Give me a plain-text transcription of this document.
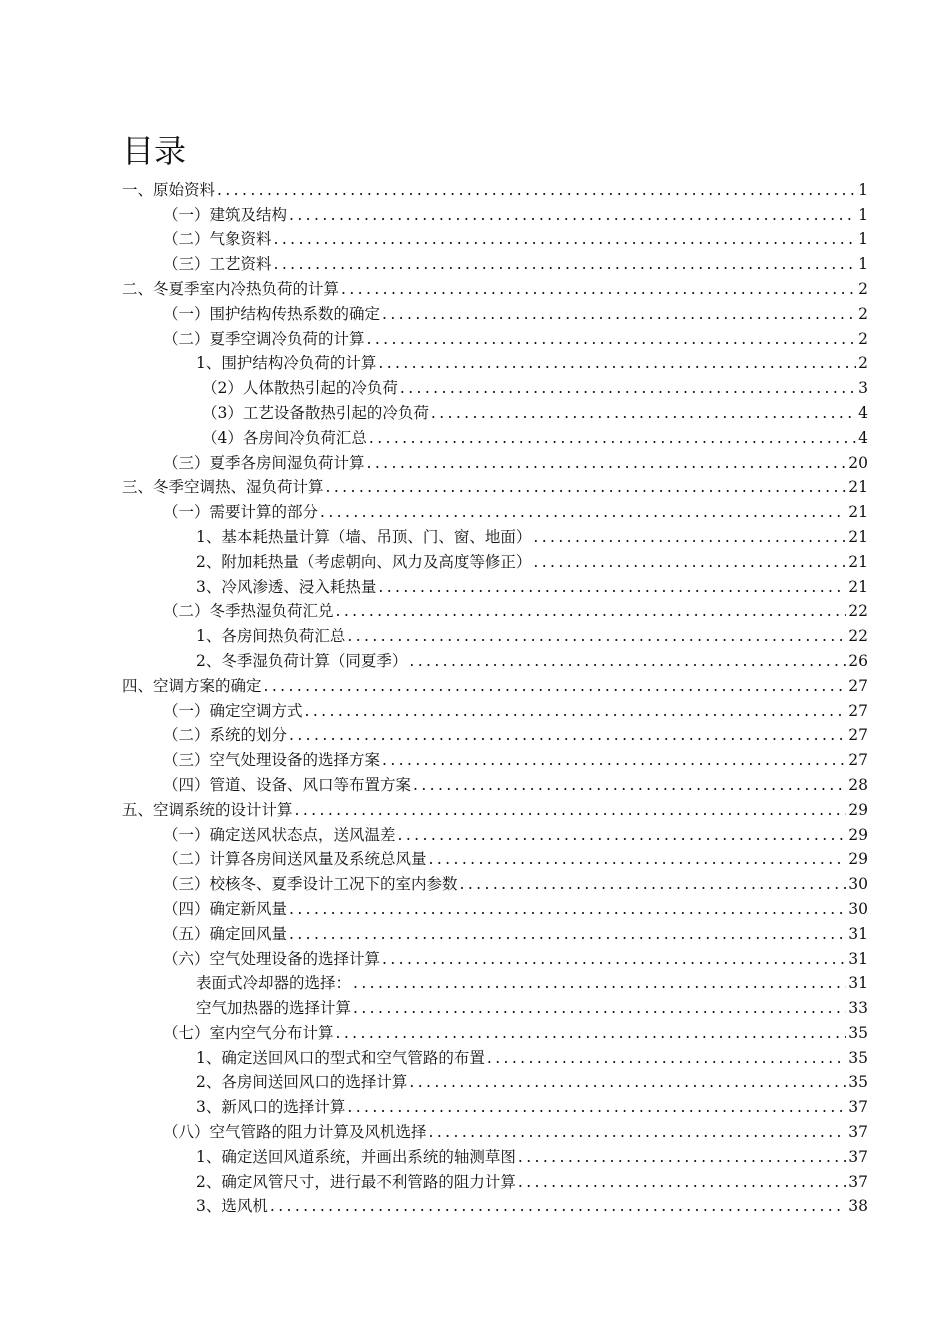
目录
一、原始资料 .....	1
（一）建筑及结构 .....	1
（二）气象资料 .....	1
（三）工艺资料 .....	1
二、冬夏季室内冷热负荷的计算 .....	2
（一）围护结构传热系数的确定 .....	2
（二）夏季空调冷负荷的计算 .....	2
1、围护结构冷负荷的计算 .....	2
（2）人体散热引起的冷负荷 .....	3
（3）工艺设备散热引起的冷负荷 .....	4
（4）各房间冷负荷汇总 .....	4
（三）夏季各房间湿负荷计算 .....	20
三、冬季空调热、湿负荷计算 .....	21
（一）需要计算的部分 .....	21
1、基本耗热量计算（墙、吊顶、门、窗、地面） .....	21
2、附加耗热量（考虑朝向、风力及高度等修正） .....	21
3、冷风渗透、浸入耗热量 .....	21
（二）冬季热湿负荷汇兑 .....	22
1、各房间热负荷汇总 .....	22
2、冬季湿负荷计算（同夏季） .....	26
四、空调方案的确定 .....	27
（一）确定空调方式 .....	27
（二）系统的划分 .....	27
（三）空气处理设备的选择方案 .....	27
（四）管道、设备、风口等布置方案 .....	28
五、空调系统的设计计算 .....	29
（一）确定送风状态点，送风温差 .....	29
（二）计算各房间送风量及系统总风量 .....	29
（三）校核冬、夏季设计工况下的室内参数 .....	30
（四）确定新风量 .....	30
（五）确定回风量 .....	31
（六）空气处理设备的选择计算 .....	31
表面式冷却器的选择： .....	31
空气加热器的选择计算 .....	33
（七）室内空气分布计算 .....	35
1、确定送回风口的型式和空气管路的布置 .....	35
2、各房间送回风口的选择计算 .....	35
3、新风口的选择计算 .....	37
（八）空气管路的阻力计算及风机选择 .....	37
1、确定送回风道系统，并画出系统的轴测草图 .....	37
2、确定风管尺寸，进行最不利管路的阻力计算 .....	37
3、选风机 .....	38
